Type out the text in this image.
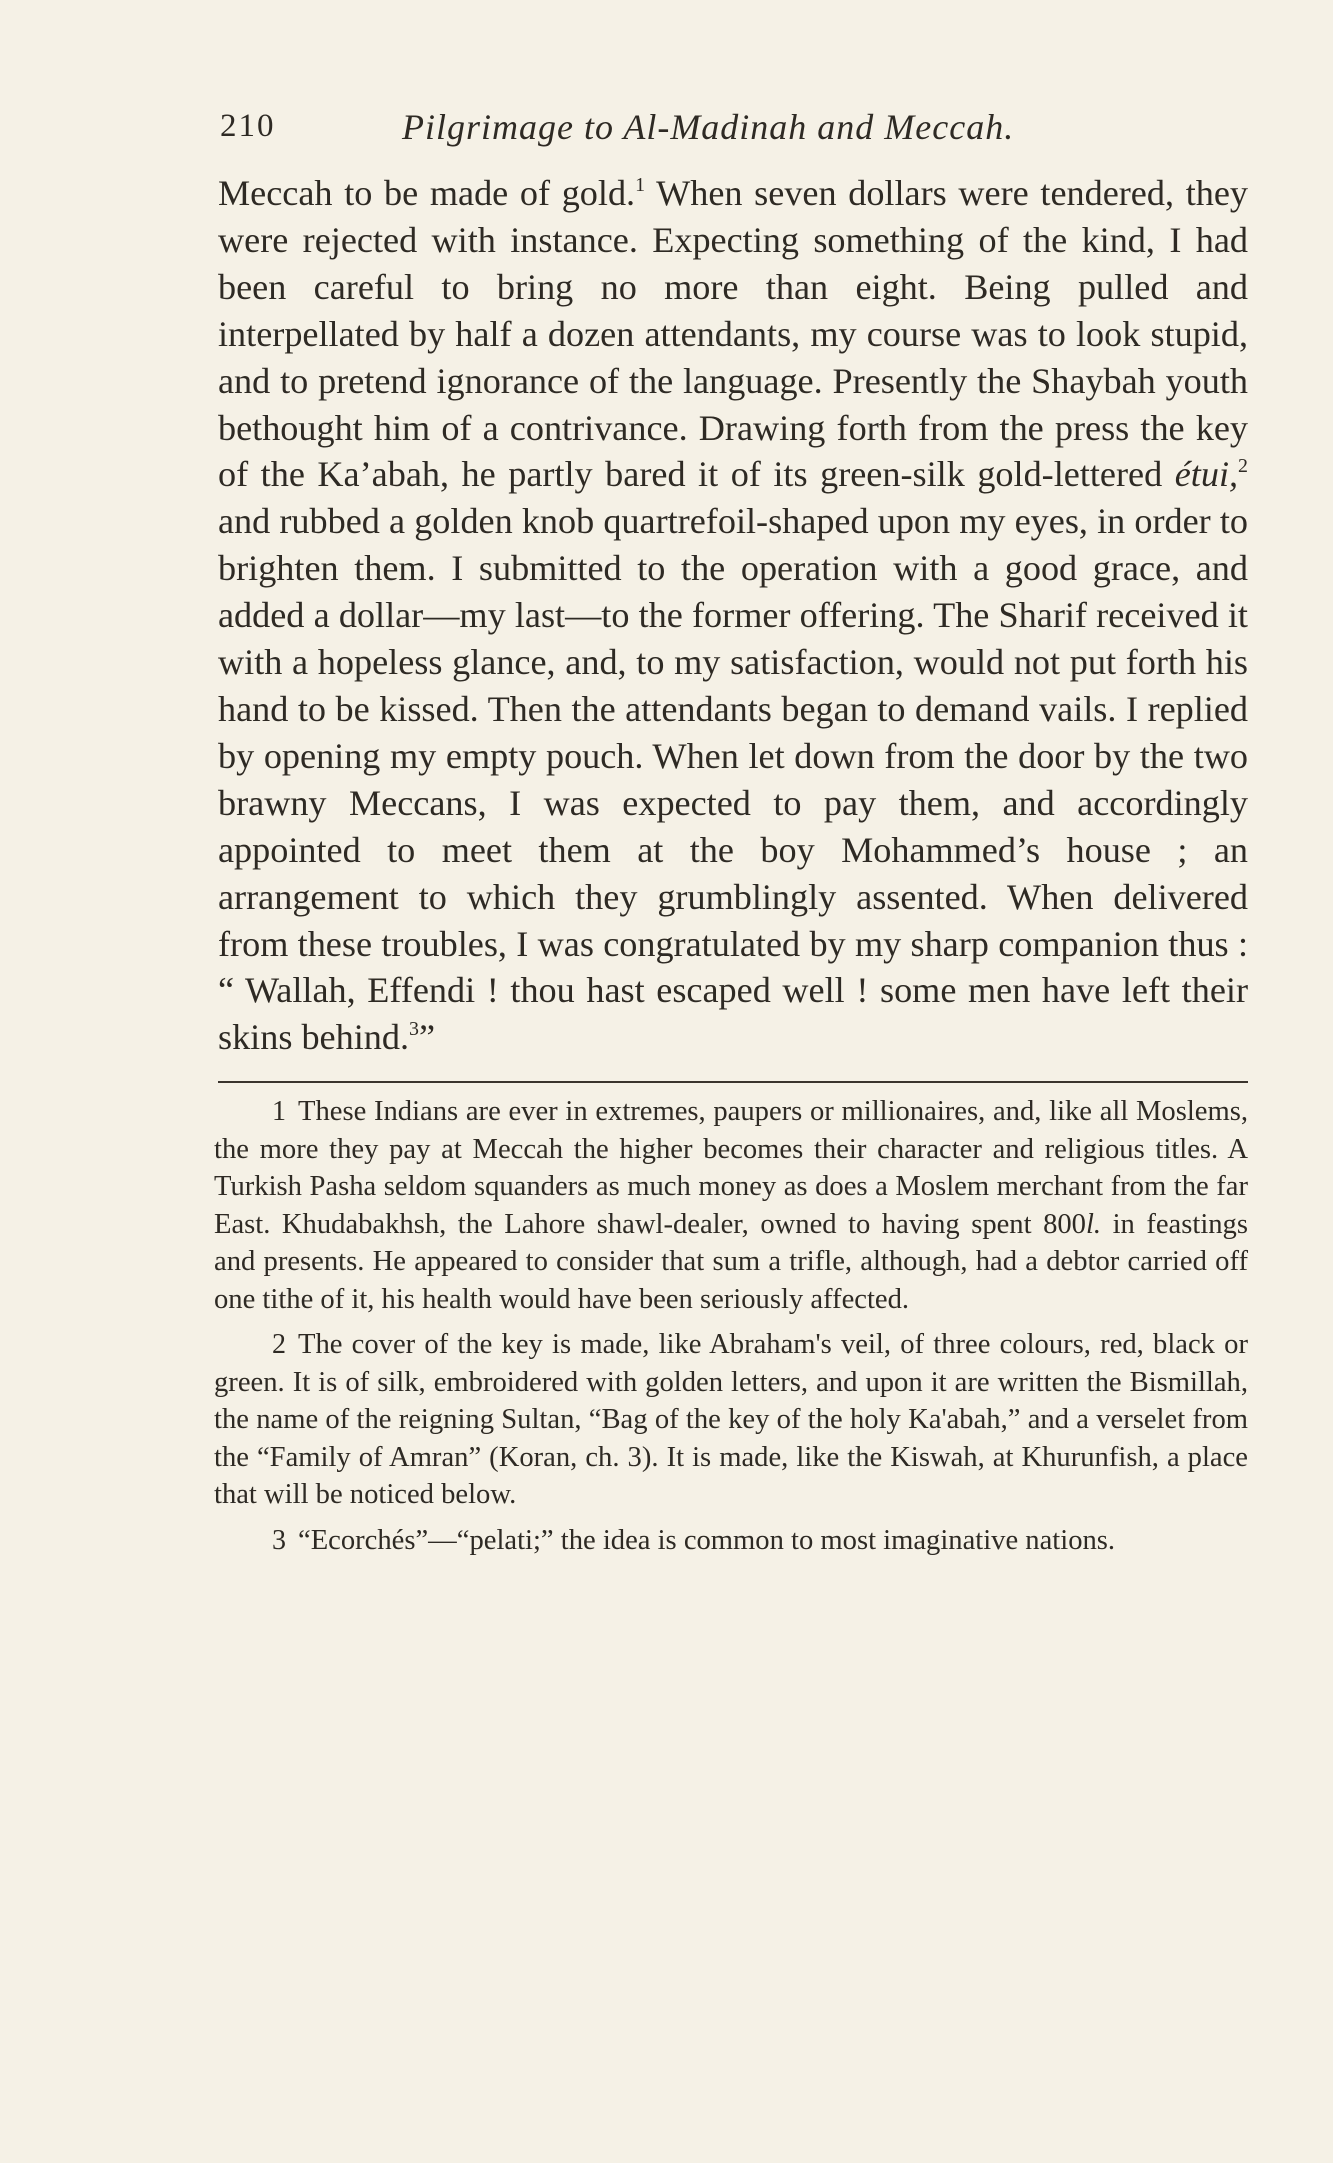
210	Pilgrimage to Al-Madinah and Meccah.

Meccah to be made of gold.$^1$ When seven dollars were tendered, they were rejected with instance. Expecting something of the kind, I had been careful to bring no more than eight. Being pulled and interpellated by half a dozen attendants, my course was to look stupid, and to pretend ignorance of the language. Presently the Shaybah youth bethought him of a contrivance. Drawing forth from the press the key of the Ka’abah, he partly bared it of its green-silk gold-lettered étui,$^2$ and rubbed a golden knob quartrefoil-shaped upon my eyes, in order to brighten them. I submitted to the operation with a good grace, and added a dollar—my last—to the former offering. The Sharif received it with a hopeless glance, and, to my satisfaction, would not put forth his hand to be kissed. Then the attendants began to demand vails. I replied by opening my empty pouch. When let down from the door by the two brawny Meccans, I was expected to pay them, and accordingly appointed to meet them at the boy Mohammed’s house ; an arrangement to which they grumblingly assented. When delivered from these troubles, I was congratulated by my sharp companion thus : “ Wallah, Effendi ! thou hast escaped well ! some men have left their skins behind.$^3$”

1 These Indians are ever in extremes, paupers or millionaires, and, like all Moslems, the more they pay at Meccah the higher becomes their character and religious titles. A Turkish Pasha seldom squanders as much money as does a Moslem merchant from the far East. Khudabakhsh, the Lahore shawl-dealer, owned to having spent 800l. in feastings and presents. He appeared to consider that sum a trifle, although, had a debtor carried off one tithe of it, his health would have been seriously affected.

2 The cover of the key is made, like Abraham's veil, of three colours, red, black or green. It is of silk, embroidered with golden letters, and upon it are written the Bismillah, the name of the reigning Sultan, “Bag of the key of the holy Ka'abah,” and a verselet from the “Family of Amran” (Koran, ch. 3). It is made, like the Kiswah, at Khurunfish, a place that will be noticed below.

3 “Ecorchés”—“pelati;” the idea is common to most imaginative nations.
